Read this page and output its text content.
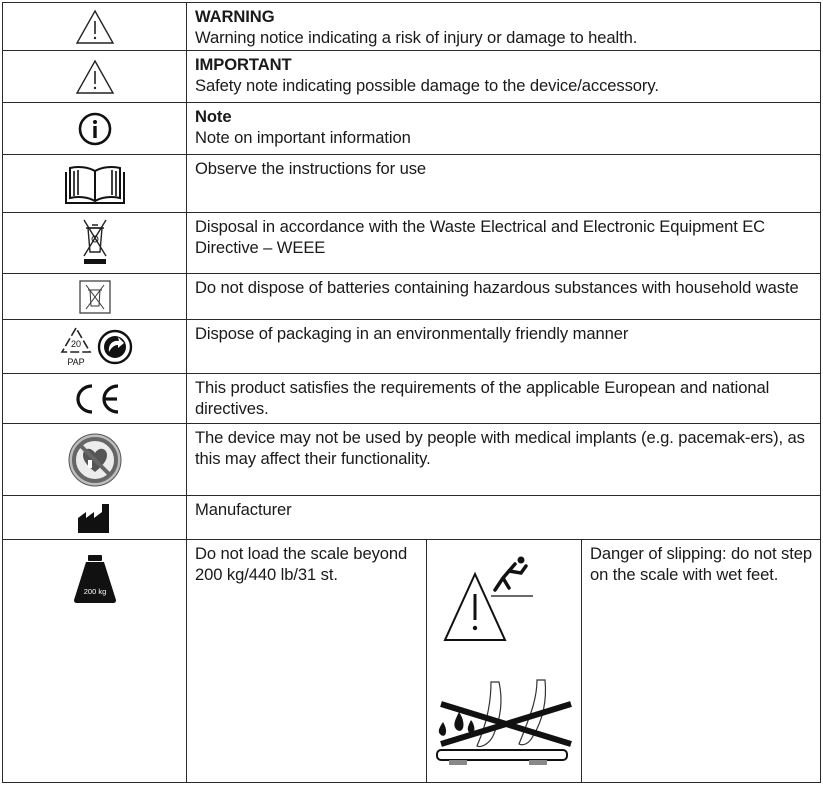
WARNING
Warning notice indicating a risk of injury or damage to health.		

IMPORTANT
Safety note indicating possible damage to the device/accessory.		

Note
Note on important information		

Observe the instructions for use		

Disposal in accordance with the Waste Electrical and Electronic Equipment EC Directive – WEEE		

Do not dispose of batteries containing hazardous substances with household waste		

20
PAP	Dispose of packaging in an environmentally friendly manner		

This product satisfies the requirements of the applicable European and national directives.		

The device may not be used by people with medical implants (e.g. pacemak-ers), as this may affect their functionality.		

Manufacturer		

200 kg	Do not load the scale beyond 200 kg/440 lb/31 st.		Danger of slipping: do not step on the scale with wet feet.
